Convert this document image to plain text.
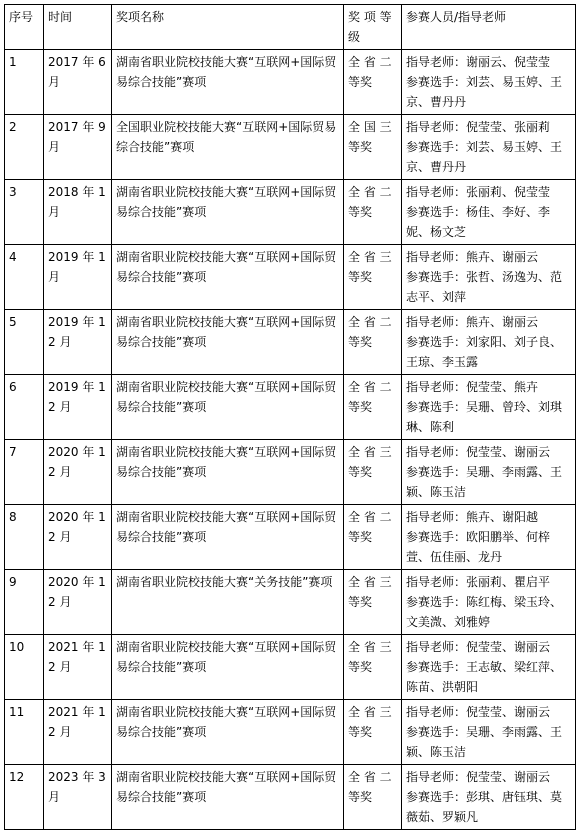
序号	时间	奖项名称	奖 项 等 级	参赛人员/指导老师
1	2017 年 6 月	湖南省职业院校技能大赛“互联网+国际贸易综合技能”赛项	全 省 二 等奖	指导老师：谢丽云、倪莹莹
参赛选手：刘芸、易玉婷、王京、曹丹丹

2	2017 年 9 月	全国职业院校技能大赛“互联网+国际贸易综合技能”赛项	全 国 三 等奖	指导老师：倪莹莹、张丽莉
参赛选手：刘芸、易玉婷、王京、曹丹丹

3	2018 年 1 月	湖南省职业院校技能大赛“互联网+国际贸易综合技能”赛项	全 省 二 等奖	指导老师：张丽莉、倪莹莹
参赛选手：杨佳、李好、李妮、杨文芝

4	2019 年 1 月	湖南省职业院校技能大赛“互联网+国际贸易综合技能”赛项	全 省 三 等奖	指导老师：熊卉、谢丽云
参赛选手：张哲、汤逸为、范志平、刘萍

5	2019 年 12 月	湖南省职业院校技能大赛“互联网+国际贸易综合技能”赛项	全 省 二 等奖	指导老师：熊卉、谢丽云
参赛选手：刘家阳、刘子良、王琼、李玉露

6	2019 年 12 月	湖南省职业院校技能大赛“互联网+国际贸易综合技能”赛项	全 省 二 等奖	指导老师：倪莹莹、熊卉
参赛选手：吴珊、曾玲、刘琪琳、陈利

7	2020 年 12 月	湖南省职业院校技能大赛“互联网+国际贸易综合技能”赛项	全 省 三 等奖	指导老师：倪莹莹、谢丽云
参赛选手：吴珊、李雨露、王颖、陈玉洁

8	2020 年 12 月	湖南省职业院校技能大赛“互联网+国际贸易综合技能”赛项	全 省 二 等奖	指导老师：熊卉、谢阳越
参赛选手：欧阳鹏举、何梓萱、伍佳丽、龙丹

9	2020 年 12 月	湖南省职业院校技能大赛“关务技能”赛项	全 省 三 等奖	指导老师：张丽莉、瞿启平
参赛选手：陈红梅、梁玉玲、文美溦、刘雅婷

10	2021 年 12 月	湖南省职业院校技能大赛“互联网+国际贸易综合技能”赛项	全 省 三 等奖	指导老师：倪莹莹、谢丽云
参赛选手：王志敏、梁红萍、陈苗、洪朝阳

11	2021 年 12 月	湖南省职业院校技能大赛“互联网+国际贸易综合技能”赛项	全 省 三 等奖	指导老师：倪莹莹、谢丽云
参赛选手：吴珊、李雨露、王颖、陈玉洁

12	2023 年 3 月	湖南省职业院校技能大赛“互联网+国际贸易综合技能”赛项	全 省 二 等奖	指导老师：倪莹莹、谢丽云
参赛选手：彭琪、唐钰琪、莫薇茹、罗颖凡
